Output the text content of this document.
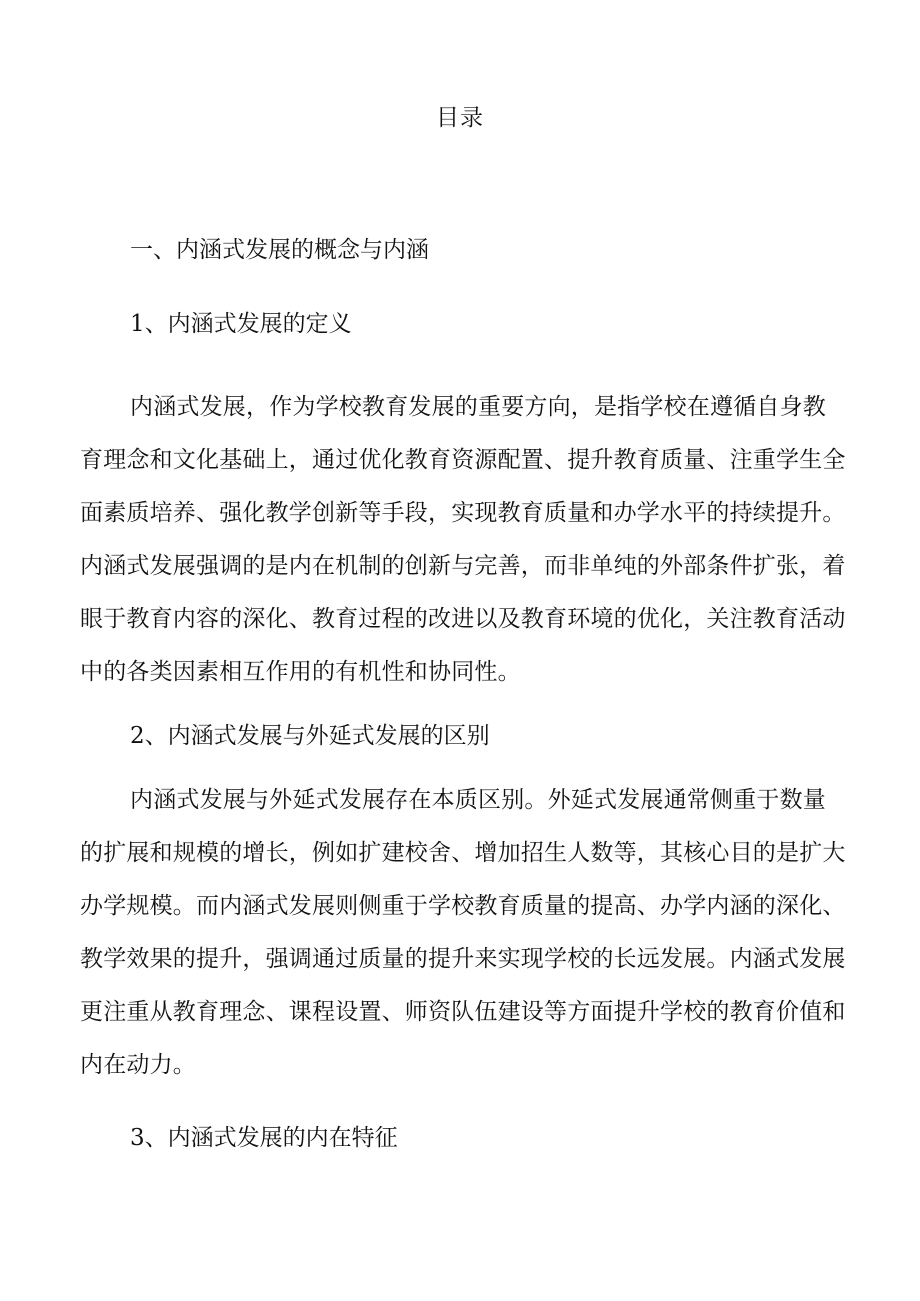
目录
一、内涵式发展的概念与内涵
1、内涵式发展的定义
内涵式发展，作为学校教育发展的重要方向，是指学校在遵循自身教
育理念和文化基础上，通过优化教育资源配置、提升教育质量、注重学生全
面素质培养、强化教学创新等手段，实现教育质量和办学水平的持续提升。
内涵式发展强调的是内在机制的创新与完善，而非单纯的外部条件扩张，着
眼于教育内容的深化、教育过程的改进以及教育环境的优化，关注教育活动
中的各类因素相互作用的有机性和协同性。
2、内涵式发展与外延式发展的区别
内涵式发展与外延式发展存在本质区别。外延式发展通常侧重于数量
的扩展和规模的增长，例如扩建校舍、增加招生人数等，其核心目的是扩大
办学规模。而内涵式发展则侧重于学校教育质量的提高、办学内涵的深化、
教学效果的提升，强调通过质量的提升来实现学校的长远发展。内涵式发展
更注重从教育理念、课程设置、师资队伍建设等方面提升学校的教育价值和
内在动力。
3、内涵式发展的内在特征
